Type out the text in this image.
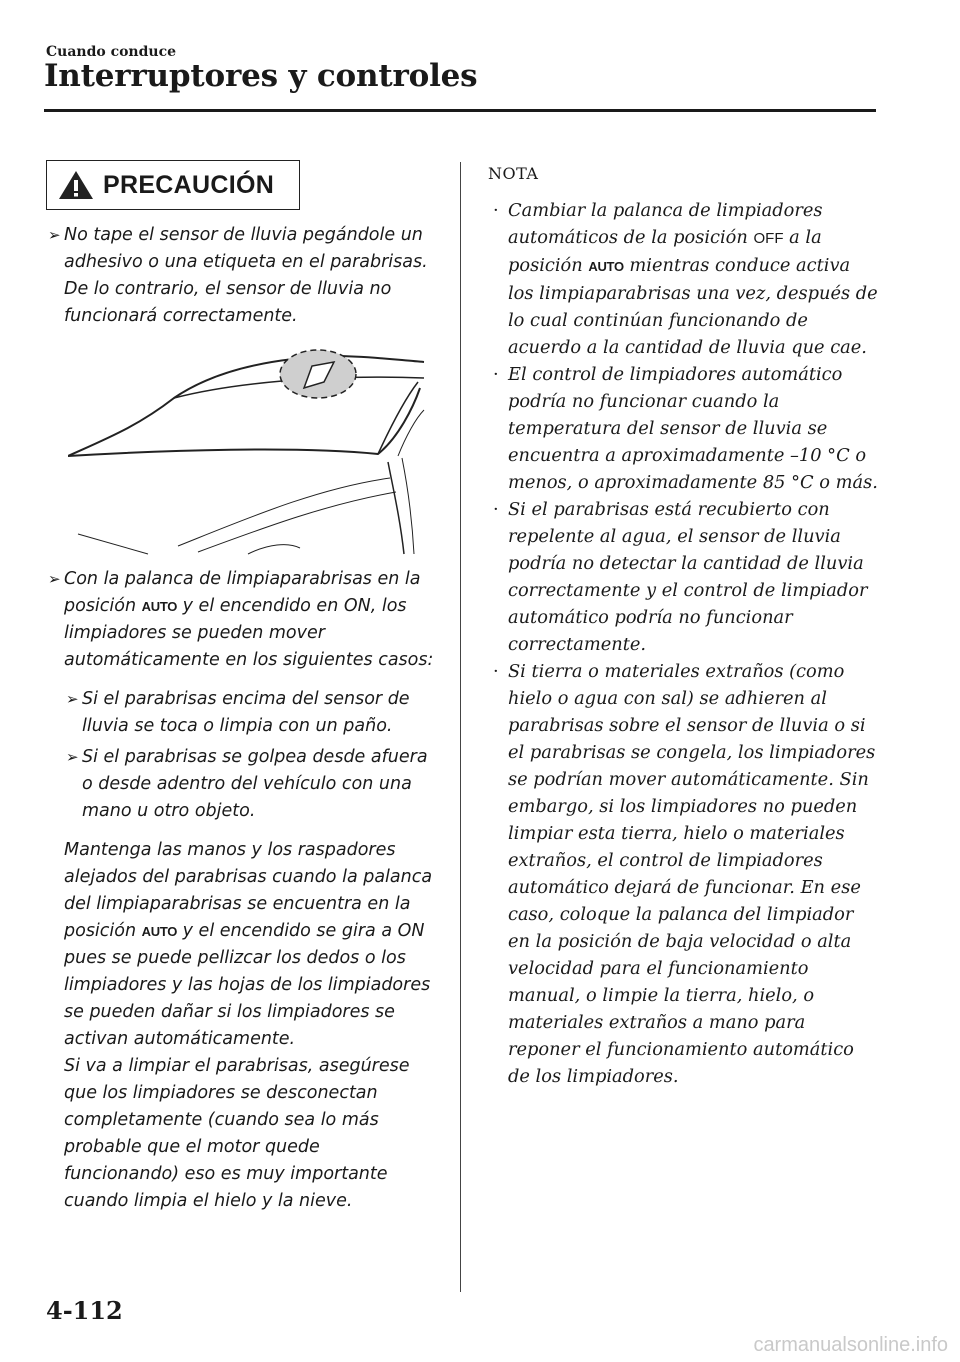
Cuando conduce
Interruptores y controles
PRECAUCIÓN
➢ No tape el sensor de lluvia pegándole un adhesivo o una etiqueta en el parabrisas. De lo contrario, el sensor de lluvia no funcionará correctamente.
➢ Con la palanca de limpiaparabrisas en la posición AUTO y el encendido en ON, los limpiadores se pueden mover automáticamente en los siguientes casos:
➢ Si el parabrisas encima del sensor de lluvia se toca o limpia con un paño.
➢ Si el parabrisas se golpea desde afuera o desde adentro del vehículo con una mano u otro objeto.
Mantenga las manos y los raspadores alejados del parabrisas cuando la palanca del limpiaparabrisas se encuentra en la posición AUTO y el encendido se gira a ON pues se puede pellizcar los dedos o los limpiadores y las hojas de los limpiadores se pueden dañar si los limpiadores se activan automáticamente.
Si va a limpiar el parabrisas, asegúrese que los limpiadores se desconectan completamente (cuando sea lo más probable que el motor quede funcionando) eso es muy importante cuando limpia el hielo y la nieve.
NOTA
· Cambiar la palanca de limpiadores automáticos de la posición OFF a la posición AUTO mientras conduce activa los limpiaparabrisas una vez, después de lo cual continúan funcionando de acuerdo a la cantidad de lluvia que cae.
· El control de limpiadores automático podría no funcionar cuando la temperatura del sensor de lluvia se encuentra a aproximadamente –10 °C o menos, o aproximadamente 85 °C o más.
· Si el parabrisas está recubierto con repelente al agua, el sensor de lluvia podría no detectar la cantidad de lluvia correctamente y el control de limpiador automático podría no funcionar correctamente.
· Si tierra o materiales extraños (como hielo o agua con sal) se adhieren al parabrisas sobre el sensor de lluvia o si el parabrisas se congela, los limpiadores se podrían mover automáticamente. Sin embargo, si los limpiadores no pueden limpiar esta tierra, hielo o materiales extraños, el control de limpiadores automático dejará de funcionar. En ese caso, coloque la palanca del limpiador en la posición de baja velocidad o alta velocidad para el funcionamiento manual, o limpie la tierra, hielo, o materiales extraños a mano para reponer el funcionamiento automático de los limpiadores.
4-112
carmanualsonline.info
